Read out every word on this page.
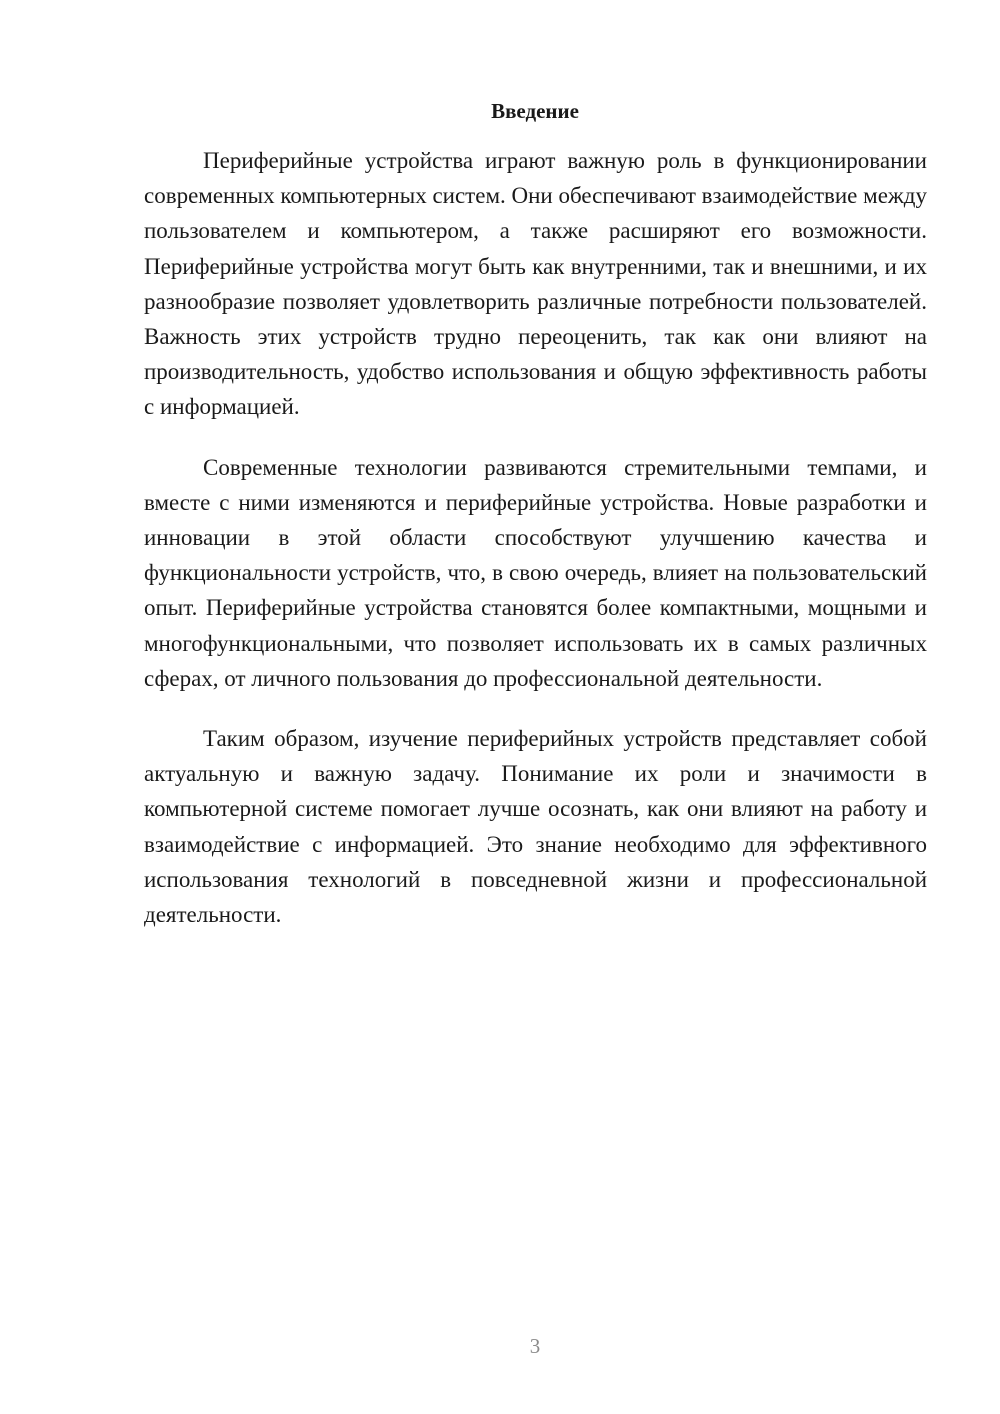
Введение

Периферийные устройства играют важную роль в функционировании современных компьютерных систем. Они обеспечивают взаимодействие между пользователем и компьютером, а также расширяют его возможности. Периферийные устройства могут быть как внутренними, так и внешними, и их разнообразие позволяет удовлетворить различные потребности пользователей. Важность этих устройств трудно переоценить, так как они влияют на производительность, удобство использования и общую эффективность работы с информацией.

Современные технологии развиваются стремительными темпами, и вместе с ними изменяются и периферийные устройства. Новые разработки и инновации в этой области способствуют улучшению качества и функциональности устройств, что, в свою очередь, влияет на пользовательский опыт. Периферийные устройства становятся более компактными, мощными и многофункциональными, что позволяет использовать их в самых различных сферах, от личного пользования до профессиональной деятельности.

Таким образом, изучение периферийных устройств представляет собой актуальную и важную задачу. Понимание их роли и значимости в компьютерной системе помогает лучше осознать, как они влияют на работу и взаимодействие с информацией. Это знание необходимо для эффективного использования технологий в повседневной жизни и профессиональной деятельности.

3
